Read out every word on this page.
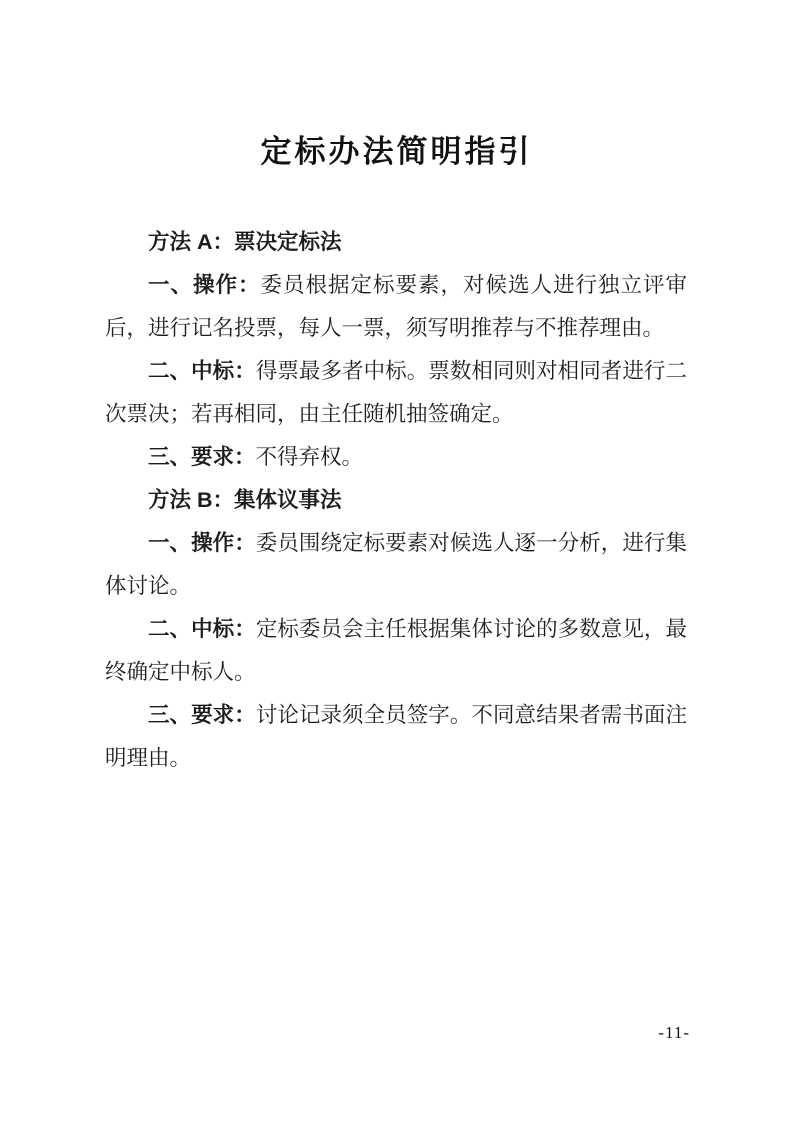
定标办法简明指引

方法 A：票决定标法

一、操作：委员根据定标要素，对候选人进行独立评审后，进行记名投票，每人一票，须写明推荐与不推荐理由。

二、中标：得票最多者中标。票数相同则对相同者进行二次票决；若再相同，由主任随机抽签确定。

三、要求：不得弃权。

方法 B：集体议事法

一、操作：委员围绕定标要素对候选人逐一分析，进行集体讨论。

二、中标：定标委员会主任根据集体讨论的多数意见，最终确定中标人。

三、要求：讨论记录须全员签字。不同意结果者需书面注明理由。

-11-
